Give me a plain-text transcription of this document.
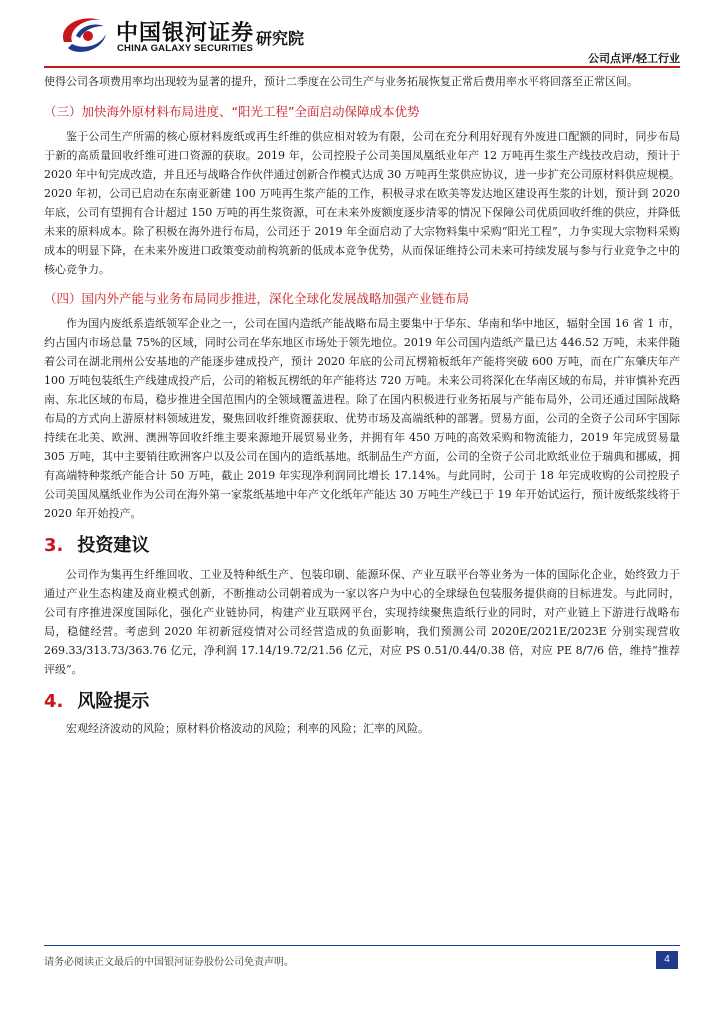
中国银河证券
CHINA GALAXY SECURITIES
研究院
公司点评/轻工行业

使得公司各项费用率均出现较为显著的提升，预计二季度在公司生产与业务拓展恢复正常后费用率水平将回落至正常区间。

（三）加快海外原材料布局进度、“阳光工程”全面启动保障成本优势

鉴于公司生产所需的核心原材料废纸或再生纤维的供应相对较为有限，公司在充分利用好现有外废进口配额的同时，同步布局于新的高质量回收纤维可进口资源的获取。2019 年，公司控股子公司美国凤凰纸业年产 12 万吨再生浆生产线技改启动，预计于 2020 年中旬完成改造，并且还与战略合作伙伴通过创新合作模式达成 30 万吨再生浆供应协议，进一步扩充公司原材料供应规模。2020 年初，公司已启动在东南亚新建 100 万吨再生浆产能的工作，积极寻求在欧美等发达地区建设再生浆的计划，预计到 2020 年底，公司有望拥有合计超过 150 万吨的再生浆资源，可在未来外废额度逐步清零的情况下保障公司优质回收纤维的供应，并降低未来的原料成本。除了积极在海外进行布局，公司还于 2019 年全面启动了大宗物料集中采购“阳光工程”，力争实现大宗物料采购成本的明显下降，在未来外废进口政策变动前构筑新的低成本竞争优势，从而保证维持公司未来可持续发展与参与行业竞争之中的核心竞争力。

（四）国内外产能与业务布局同步推进，深化全球化发展战略加强产业链布局

作为国内废纸系造纸领军企业之一，公司在国内造纸产能战略布局主要集中于华东、华南和华中地区，辐射全国 16 省 1 市，约占国内市场总量 75%的区域，同时公司在华东地区市场处于领先地位。2019 年公司国内造纸产量已达 446.52 万吨，未来伴随着公司在湖北荆州公安基地的产能逐步建成投产，预计 2020 年底的公司瓦楞箱板纸年产能将突破 600 万吨，而在广东肇庆年产 100 万吨包装纸生产线建成投产后，公司的箱板瓦楞纸的年产能将达 720 万吨。未来公司将深化在华南区域的布局，并审慎补充西南、东北区域的布局，稳步推进全国范围内的全领域覆盖进程。除了在国内积极进行业务拓展与产能布局外，公司还通过国际战略布局的方式向上游原材料领域进发，聚焦回收纤维资源获取、优势市场及高端纸种的部署。贸易方面，公司的全资子公司环宇国际持续在北美、欧洲、澳洲等回收纤维主要来源地开展贸易业务，并拥有年 450 万吨的高效采购和物流能力，2019 年完成贸易量 305 万吨，其中主要销往欧洲客户以及公司在国内的造纸基地。纸制品生产方面，公司的全资子公司北欧纸业位于瑞典和挪威，拥有高端特种浆纸产能合计 50 万吨，截止 2019 年实现净利润同比增长 17.14%。与此同时，公司于 18 年完成收购的公司控股子公司美国凤凰纸业作为公司在海外第一家浆纸基地中年产文化纸年产能达 30 万吨生产线已于 19 年开始试运行，预计废纸浆线将于 2020 年开始投产。

3. 投资建议

公司作为集再生纤维回收、工业及特种纸生产、包装印刷、能源环保、产业互联平台等业务为一体的国际化企业，始终致力于通过产业生态构建及商业模式创新，不断推动公司朝着成为一家以客户为中心的全球绿色包装服务提供商的目标进发。与此同时，公司有序推进深度国际化，强化产业链协同，构建产业互联网平台，实现持续聚焦造纸行业的同时，对产业链上下游进行战略布局，稳健经营。考虑到 2020 年初新冠疫情对公司经营造成的负面影响，我们预测公司 2020E/2021E/2023E 分别实现营收 269.33/313.73/363.76 亿元，净利润 17.14/19.72/21.56 亿元，对应 PS 0.51/0.44/0.38 倍，对应 PE 8/7/6 倍，维持“推荐评级”。

4. 风险提示

宏观经济波动的风险；原材料价格波动的风险；利率的风险；汇率的风险。

请务必阅读正文最后的中国银河证券股份公司免责声明。	4
